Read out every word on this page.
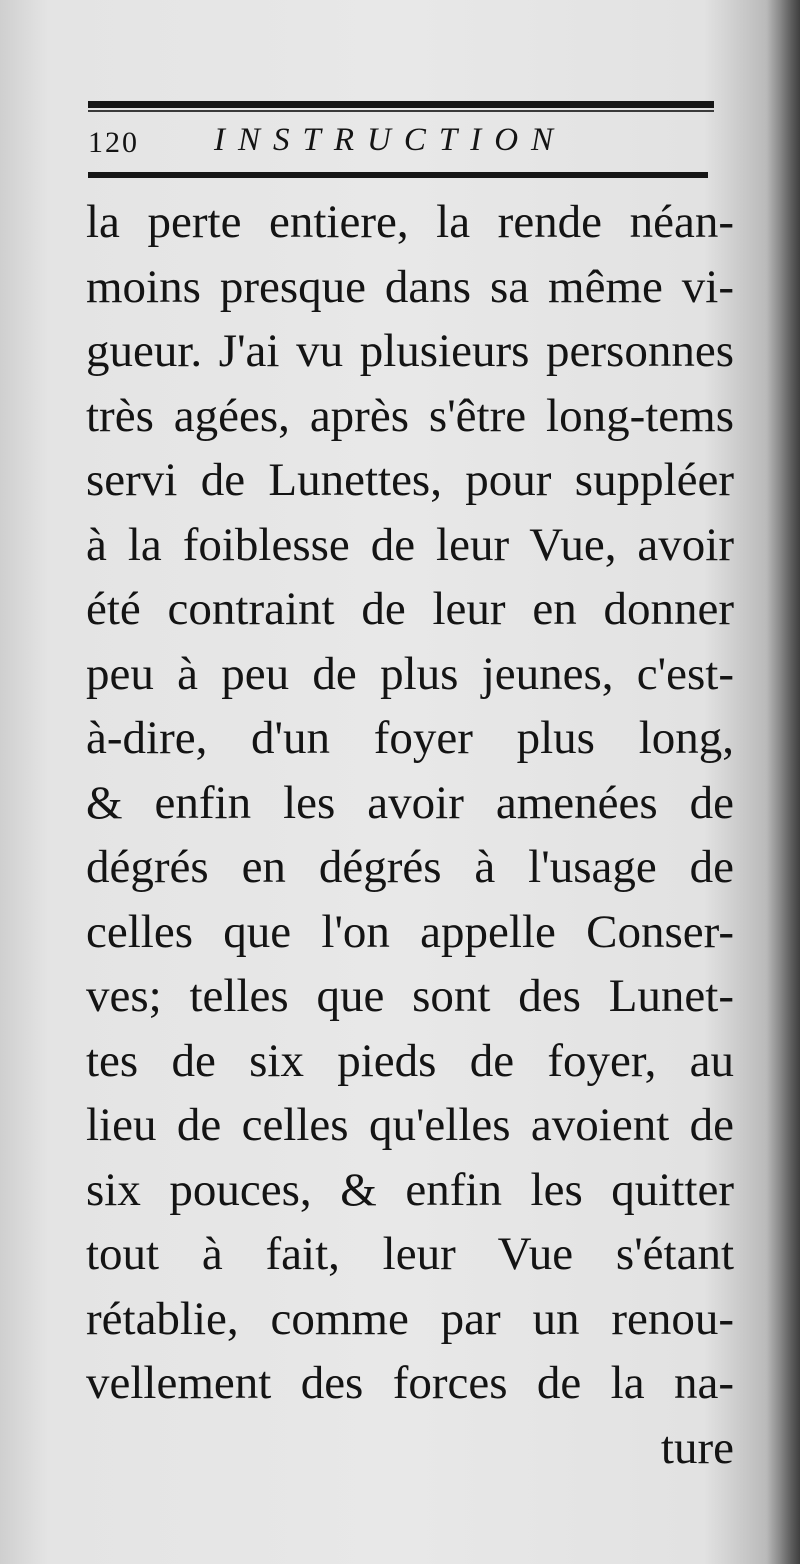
120 INSTRUCTION
la perte entiere, la rende néan-
moins presque dans sa même vi-
gueur. J'ai vu plusieurs personnes
très agées, après s'être long-tems
servi de Lunettes, pour suppléer
à la foiblesse de leur Vue, avoir
été contraint de leur en donner
peu à peu de plus jeunes, c'est-
à-dire, d'un foyer plus long,
& enfin les avoir amenées de
dégrés en dégrés à l'usage de
celles que l'on appelle Conser-
ves; telles que sont des Lunet-
tes de six pieds de foyer, au
lieu de celles qu'elles avoient de
six pouces, & enfin les quitter
tout à fait, leur Vue s'étant
rétablie, comme par un renou-
vellement des forces de la na-
ture
